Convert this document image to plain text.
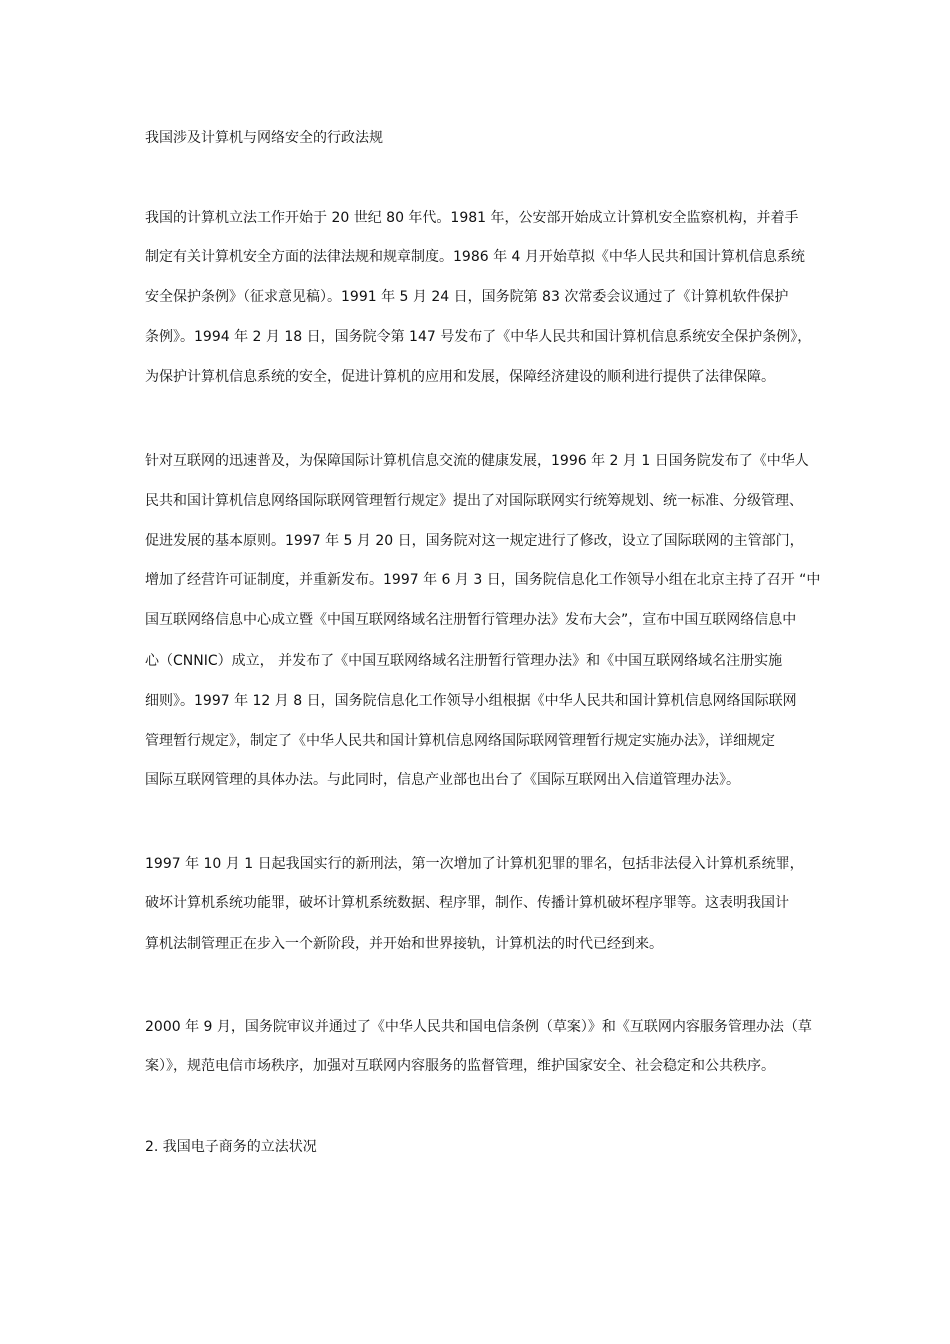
我国涉及计算机与网络安全的行政法规
我国的计算机立法工作开始于 20 世纪 80 年代。1981 年，公安部开始成立计算机安全监察机构，并着手
制定有关计算机安全方面的法律法规和规章制度。1986 年 4 月开始草拟《中华人民共和国计算机信息系统
安全保护条例》（征求意见稿）。1991 年 5 月 24 日，国务院第 83 次常委会议通过了《计算机软件保护
条例》。1994 年 2 月 18 日，国务院令第 147 号发布了《中华人民共和国计算机信息系统安全保护条例》，
为保护计算机信息系统的安全，促进计算机的应用和发展，保障经济建设的顺利进行提供了法律保障。
针对互联网的迅速普及，为保障国际计算机信息交流的健康发展，1996 年 2 月 1 日国务院发布了《中华人
民共和国计算机信息网络国际联网管理暂行规定》提出了对国际联网实行统筹规划、统一标准、分级管理、
促进发展的基本原则。1997 年 5 月 20 日，国务院对这一规定进行了修改，设立了国际联网的主管部门，
增加了经营许可证制度，并重新发布。1997 年 6 月 3 日，国务院信息化工作领导小组在北京主持了召开 “中
国互联网络信息中心成立暨《中国互联网络域名注册暂行管理办法》发布大会”，宣布中国互联网络信息中
心（CNNIC）成立， 并发布了《中国互联网络域名注册暂行管理办法》和《中国互联网络域名注册实施
细则》。1997 年 12 月 8 日，国务院信息化工作领导小组根据《中华人民共和国计算机信息网络国际联网
管理暂行规定》，制定了《中华人民共和国计算机信息网络国际联网管理暂行规定实施办法》，详细规定
国际互联网管理的具体办法。与此同时，信息产业部也出台了《国际互联网出入信道管理办法》。
1997 年 10 月 1 日起我国实行的新刑法，第一次增加了计算机犯罪的罪名，包括非法侵入计算机系统罪，
破坏计算机系统功能罪，破坏计算机系统数据、程序罪，制作、传播计算机破坏程序罪等。这表明我国计
算机法制管理正在步入一个新阶段，并开始和世界接轨，计算机法的时代已经到来。
2000 年 9 月，国务院审议并通过了《中华人民共和国电信条例（草案）》和《互联网内容服务管理办法（草
案）》，规范电信市场秩序，加强对互联网内容服务的监督管理，维护国家安全、社会稳定和公共秩序。
2. 我国电子商务的立法状况
